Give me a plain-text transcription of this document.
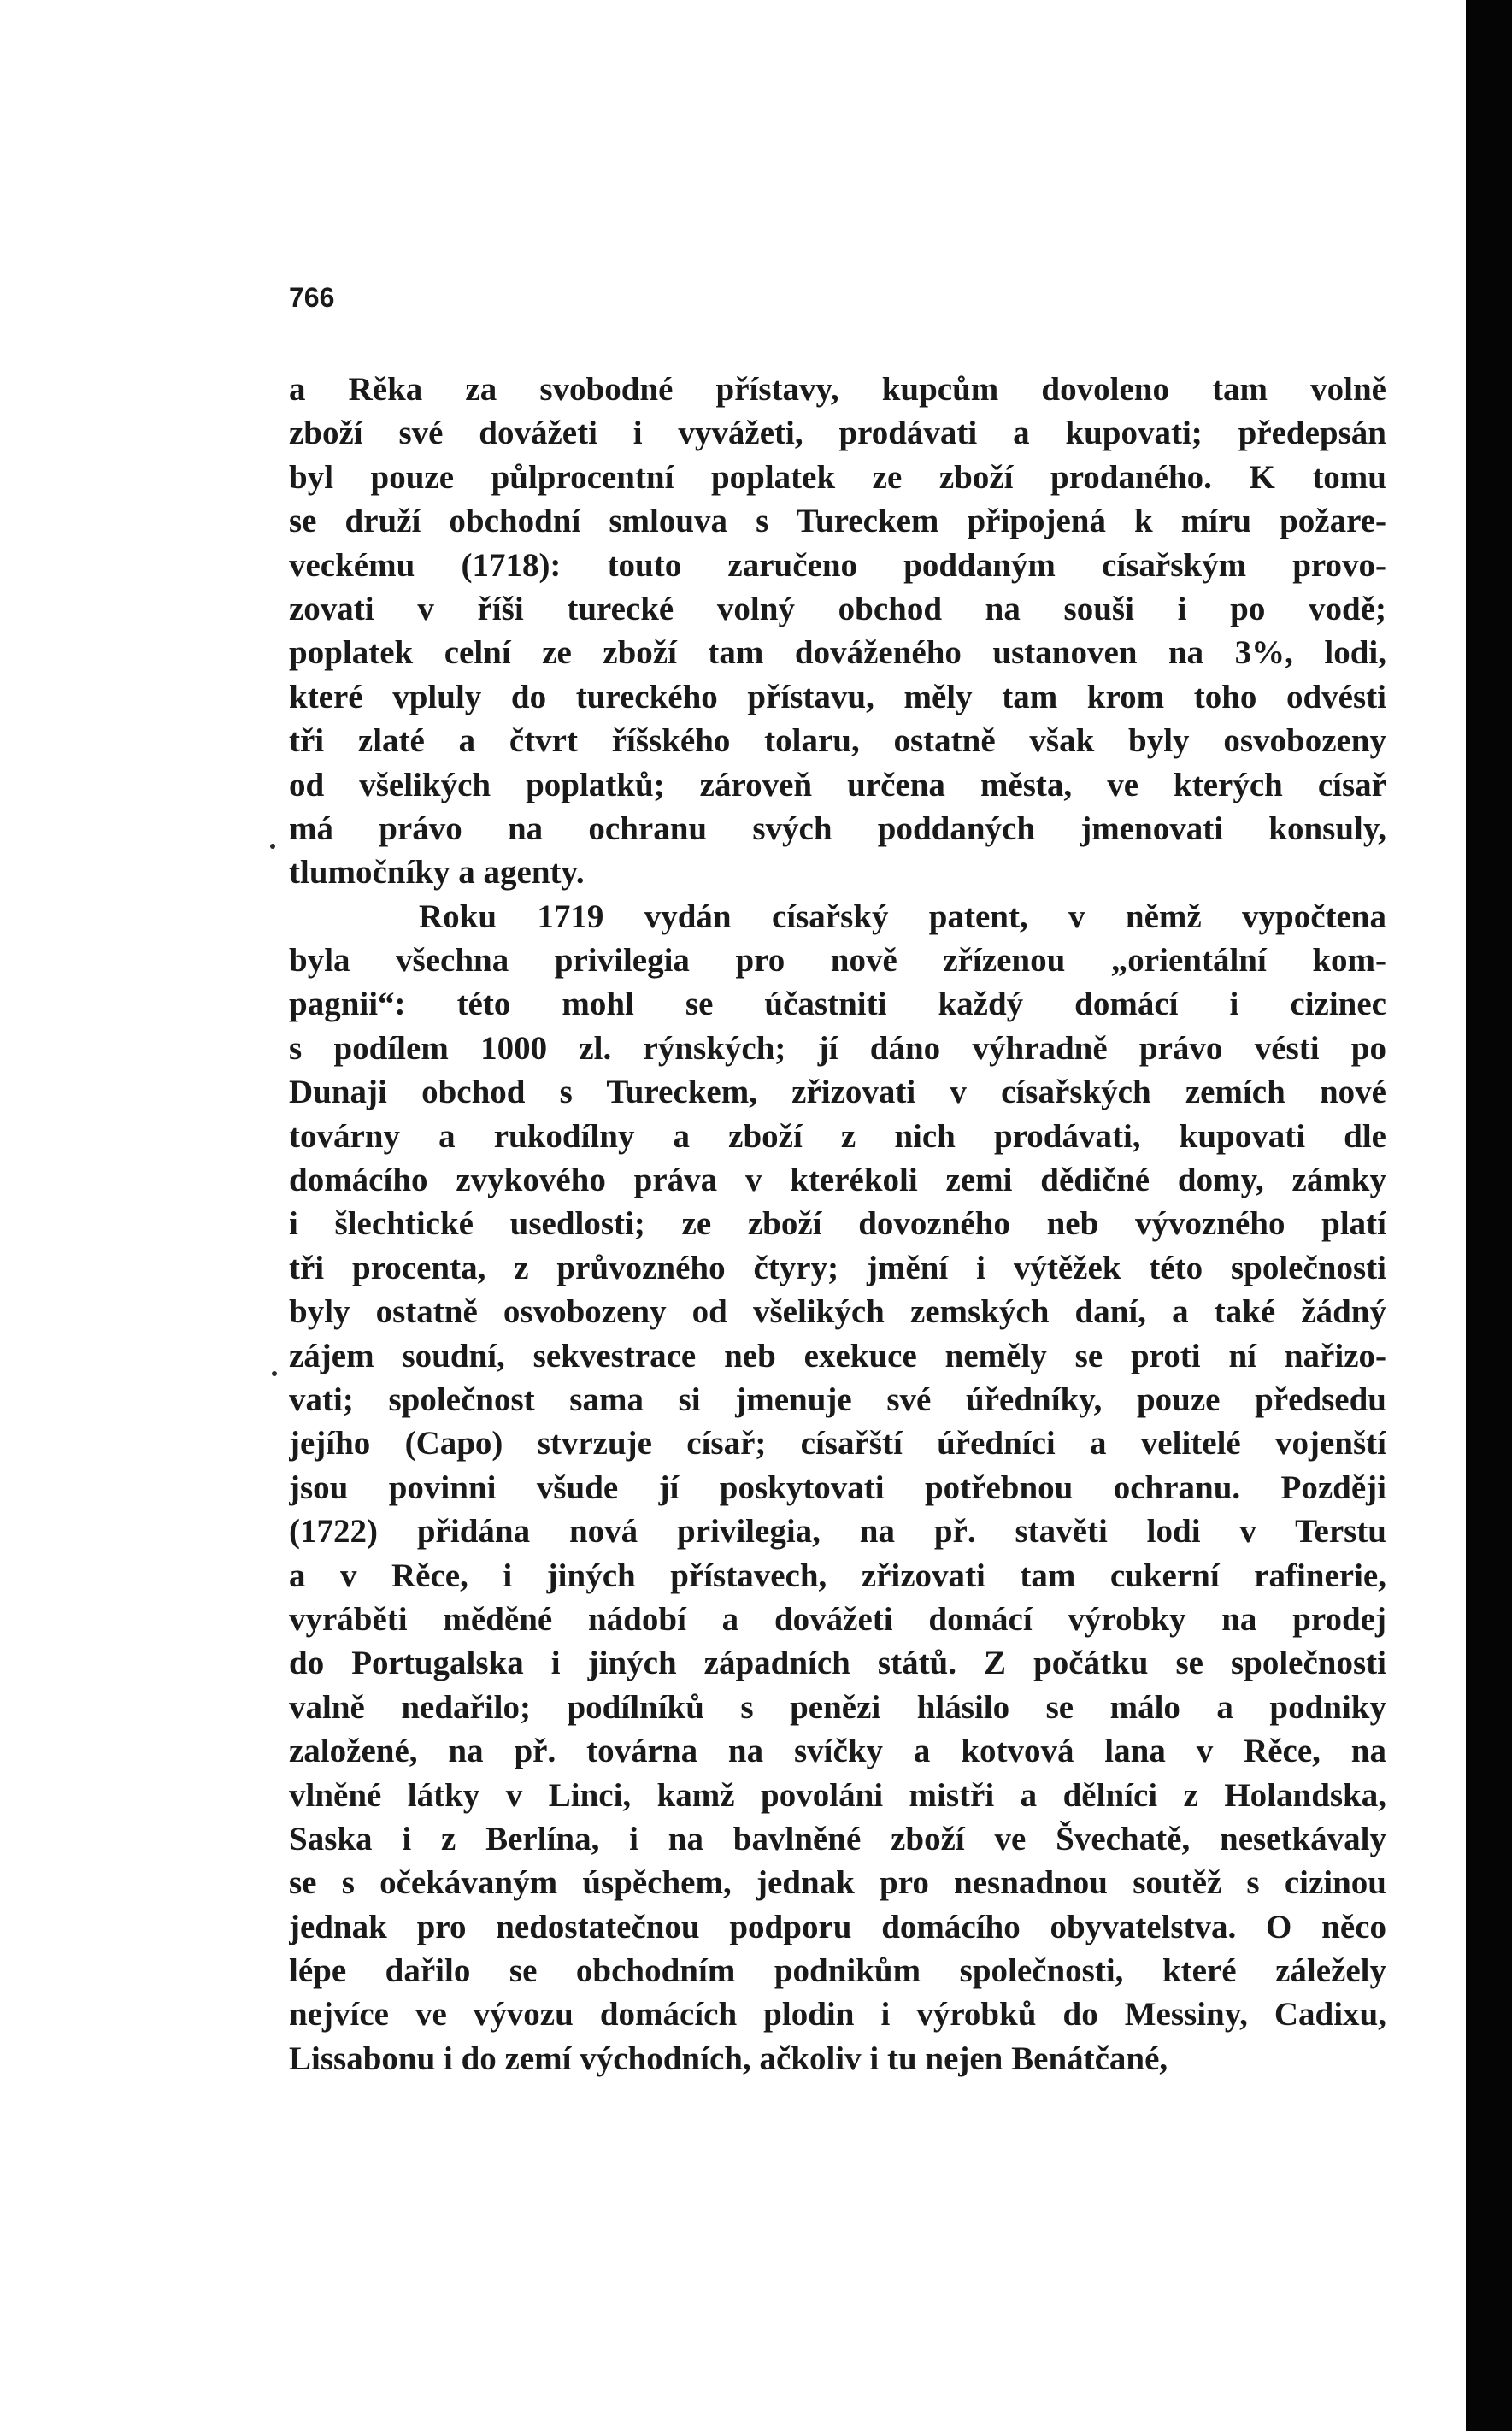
766
a Rěka za svobodné přístavy, kupcům dovoleno tam volně
zboží své dovážeti i vyvážeti, prodávati a kupovati; předepsán
byl pouze půlprocentní poplatek ze zboží prodaného. K tomu
se druží obchodní smlouva s Tureckem připojená k míru požare-
veckému (1718): touto zaručeno poddaným císařským provo-
zovati v říši turecké volný obchod na souši i po vodě;
poplatek celní ze zboží tam dováženého ustanoven na 3%, lodi,
které vpluly do tureckého přístavu, měly tam krom toho odvésti
tři zlaté a čtvrt říšského tolaru, ostatně však byly osvobozeny
od všelikých poplatků; zároveň určena města, ve kterých císař
má právo na ochranu svých poddaných jmenovati konsuly,
tlumočníky a agenty.
Roku 1719 vydán císařský patent, v němž vypočtena
byla všechna privilegia pro nově zřízenou „orientální kom-
pagnii“: této mohl se účastniti každý domácí i cizinec
s podílem 1000 zl. rýnských; jí dáno výhradně právo vésti po
Dunaji obchod s Tureckem, zřizovati v císařských zemích nové
továrny a rukodílny a zboží z nich prodávati, kupovati dle
domácího zvykového práva v kterékoli zemi dědičné domy, zámky
i šlechtické usedlosti; ze zboží dovozného neb vývozného platí
tři procenta, z průvozného čtyry; jmění i výtěžek této společnosti
byly ostatně osvobozeny od všelikých zemských daní, a také žádný
zájem soudní, sekvestrace neb exekuce neměly se proti ní nařizo-
vati; společnost sama si jmenuje své úředníky, pouze předsedu
jejího (Capo) stvrzuje císař; císařští úředníci a velitelé vojenští
jsou povinni všude jí poskytovati potřebnou ochranu. Později
(1722) přidána nová privilegia, na př. stavěti lodi v Terstu
a v Rěce, i jiných přístavech, zřizovati tam cukerní rafinerie,
vyráběti měděné nádobí a dovážeti domácí výrobky na prodej
do Portugalska i jiných západních států. Z počátku se společnosti
valně nedařilo; podílníků s penězi hlásilo se málo a podniky
založené, na př. továrna na svíčky a kotvová lana v Rěce, na
vlněné látky v Linci, kamž povoláni mistři a dělníci z Holandska,
Saska i z Berlína, i na bavlněné zboží ve Švechatě, nesetkávaly
se s očekávaným úspěchem, jednak pro nesnadnou soutěž s cizinou
jednak pro nedostatečnou podporu domácího obyvatelstva. O něco
lépe dařilo se obchodním podnikům společnosti, které záležely
nejvíce ve vývozu domácích plodin i výrobků do Messiny, Cadixu,
Lissabonu i do zemí východních, ačkoliv i tu nejen Benátčané,
